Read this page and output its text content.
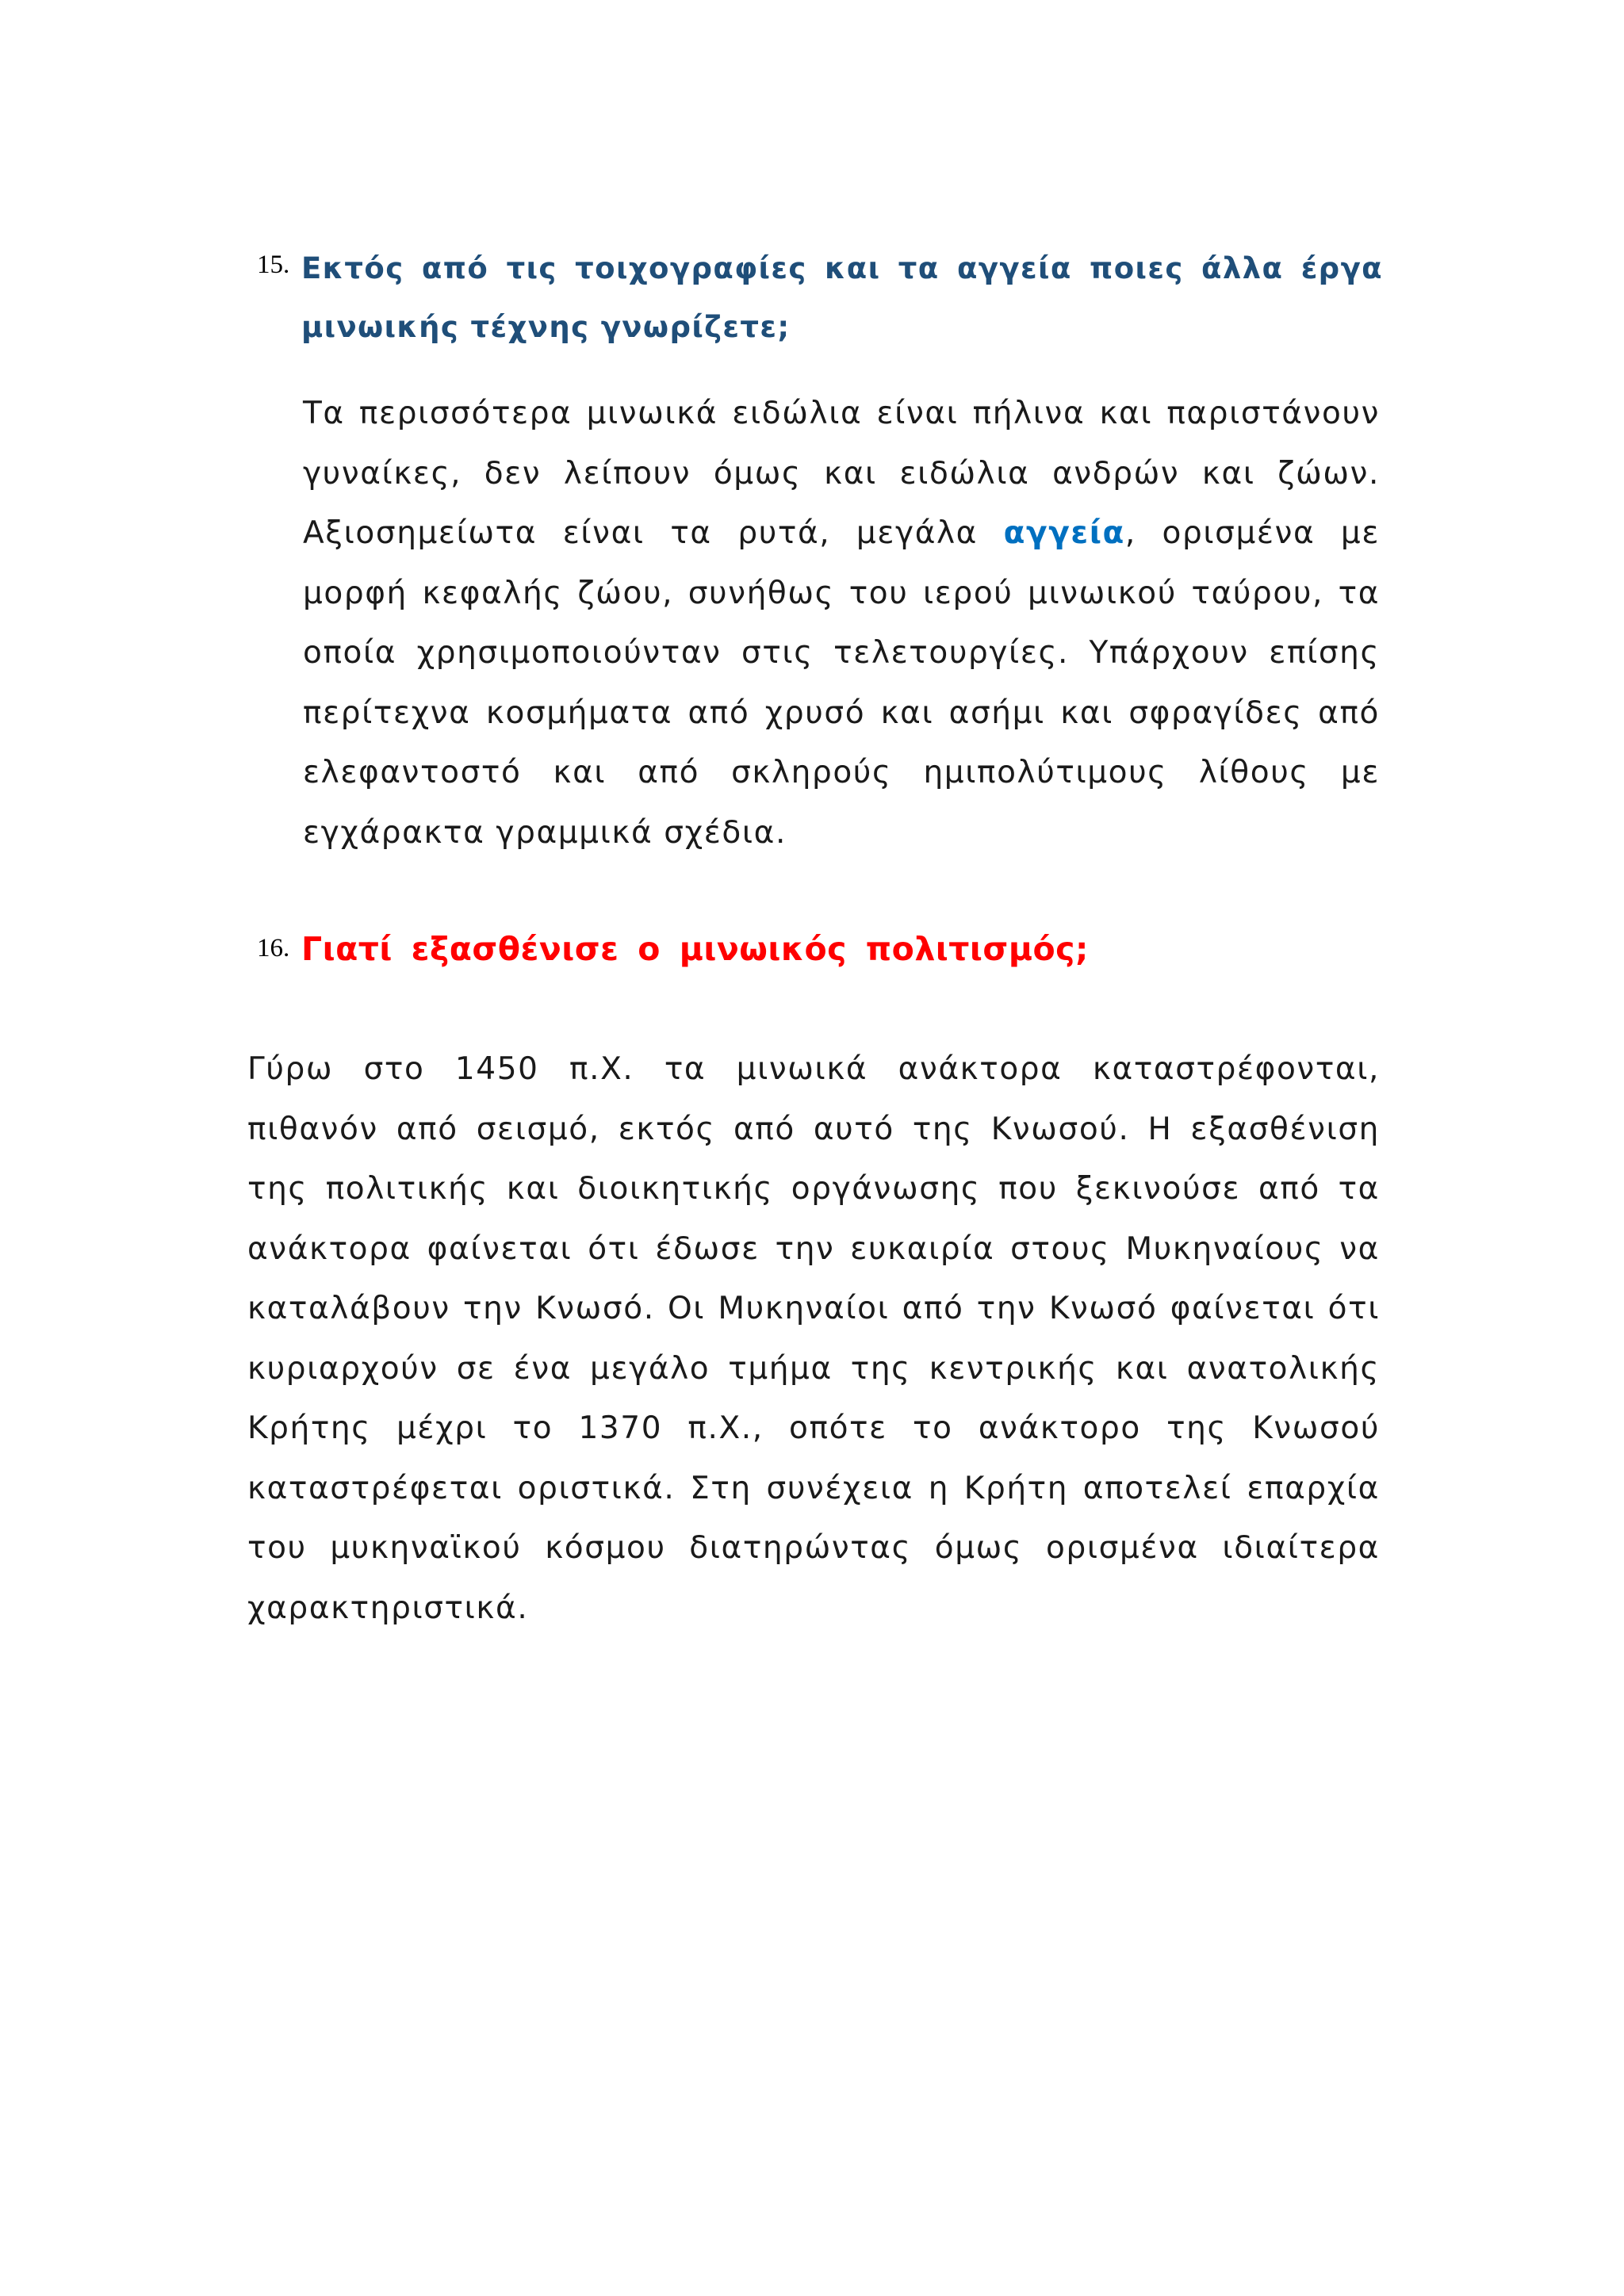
15. Εκτός από τις τοιχογραφίες και τα αγγεία ποιες άλλα έργα μινωικής τέχνης γνωρίζετε;

Τα περισσότερα μινωικά ειδώλια είναι πήλινα και παριστάνουν γυναίκες, δεν λείπουν όμως και ειδώλια ανδρών και ζώων. Αξιοσημείωτα είναι τα ρυτά, μεγάλα αγγεία, ορισμένα με μορφή κεφαλής ζώου, συνήθως του ιερού μινωικού ταύρου, τα οποία χρησιμοποιούνταν στις τελετουργίες. Υπάρχουν επίσης περίτεχνα κοσμήματα από χρυσό και ασήμι και σφραγίδες από ελεφαντοστό και από σκληρούς ημιπολύτιμους λίθους με εγχάρακτα γραμμικά σχέδια.

16. Γιατί εξασθένισε ο μινωικός πολιτισμός;

Γύρω στο 1450 π.Χ. τα μινωικά ανάκτορα καταστρέφονται, πιθανόν από σεισμό, εκτός από αυτό της Κνωσού. Η εξασθένιση της πολιτικής και διοικητικής οργάνωσης που ξεκινούσε από τα ανάκτορα φαίνεται ότι έδωσε την ευκαιρία στους Μυκηναίους να καταλάβουν την Κνωσό. Οι Μυκηναίοι από την Κνωσό φαίνεται ότι κυριαρχούν σε ένα μεγάλο τμήμα της κεντρικής και ανατολικής Κρήτης μέχρι το 1370 π.Χ., οπότε το ανάκτορο της Κνωσού καταστρέφεται οριστικά. Στη συνέχεια η Κρήτη αποτελεί επαρχία του μυκηναϊκού κόσμου διατηρώντας όμως ορισμένα ιδιαίτερα χαρακτηριστικά.
